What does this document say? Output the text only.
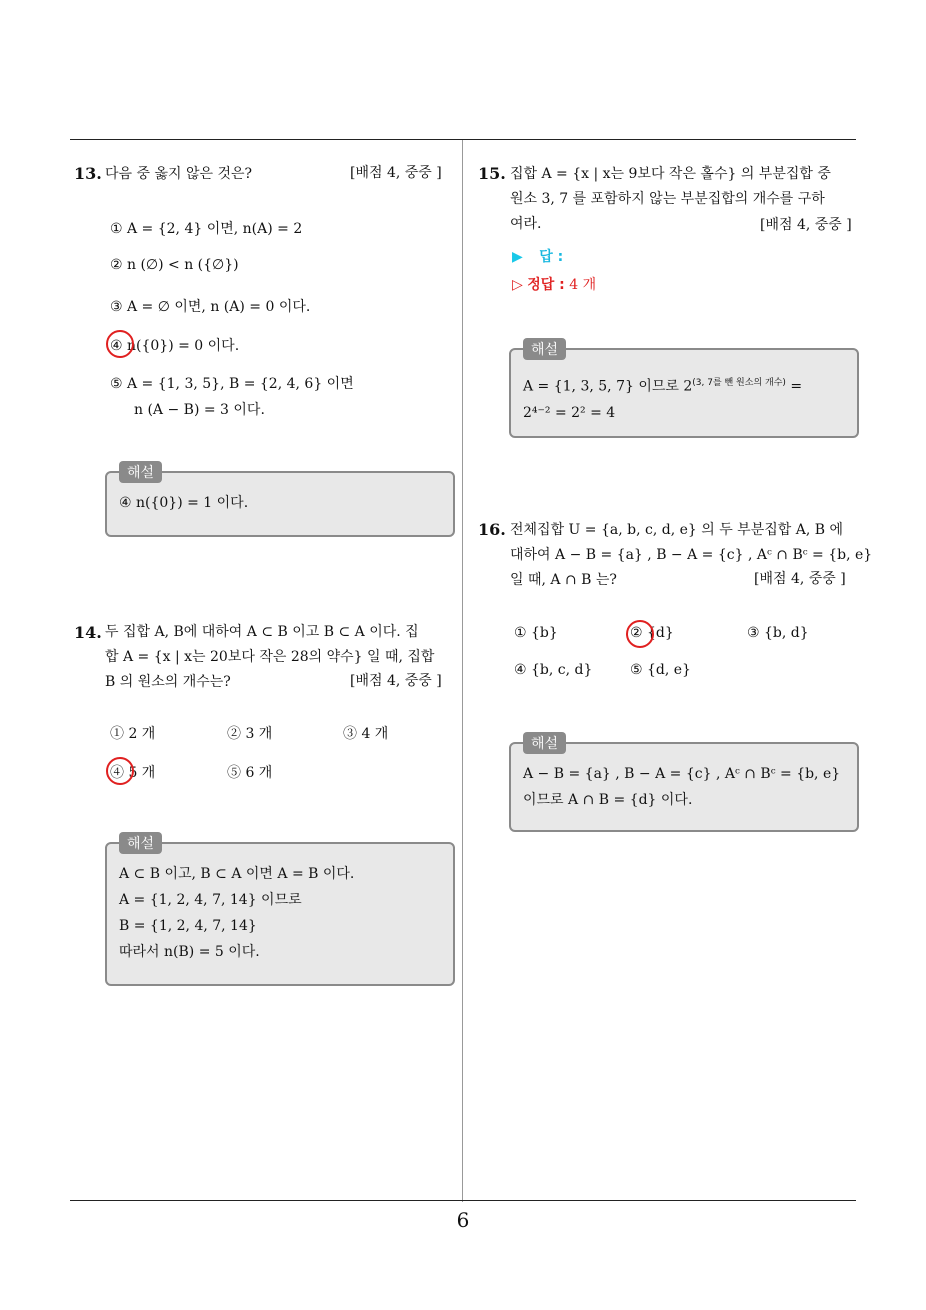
13. 다음 중 옳지 않은 것은?	[배점 4, 중중 ]
① A = {2, 4} 이면, n(A) = 2
② n (∅) < n ({∅})
③ A = ∅ 이면, n (A) = 0 이다.
④ n({0}) = 0 이다.
⑤ A = {1, 3, 5}, B = {2, 4, 6} 이면
n (A − B) = 3 이다.
해설
④ n({0}) = 1 이다.
14. 두 집합 A, B에 대하여 A ⊂ B 이고 B ⊂ A 이다. 집
합 A = {x | x는 20보다 작은 28의 약수} 일 때, 집합
B 의 원소의 개수는?	[배점 4, 중중 ]
① 2 개	② 3 개	③ 4 개
④ 5 개	⑤ 6 개
해설
A ⊂ B 이고, B ⊂ A 이면 A = B 이다.
A = {1, 2, 4, 7, 14} 이므로
B = {1, 2, 4, 7, 14}
따라서 n(B) = 5 이다.
15. 집합 A = {x | x는 9보다 작은 홀수} 의 부분집합 중
원소 3, 7 를 포함하지 않는 부분집합의 개수를 구하
여라.	[배점 4, 중중 ]
▶ 답 :
▷ 정답 : 4 개
해설
A = {1, 3, 5, 7} 이므로 $2^{(3, 7를 뺀 원소의 개수)}$ =
2⁴⁻² = 2² = 4
16. 전체집합 U = {a, b, c, d, e} 의 두 부분집합 A, B 에
대하여 A − B = {a} , B − A = {c} , Aᶜ ∩ Bᶜ = {b, e}
일 때, A ∩ B 는?	[배점 4, 중중 ]
① {b}	② {d}	③ {b, d}
④ {b, c, d}	⑤ {d, e}
해설
A − B = {a} , B − A = {c} , Aᶜ ∩ Bᶜ = {b, e}
이므로 A ∩ B = {d} 이다.
6
